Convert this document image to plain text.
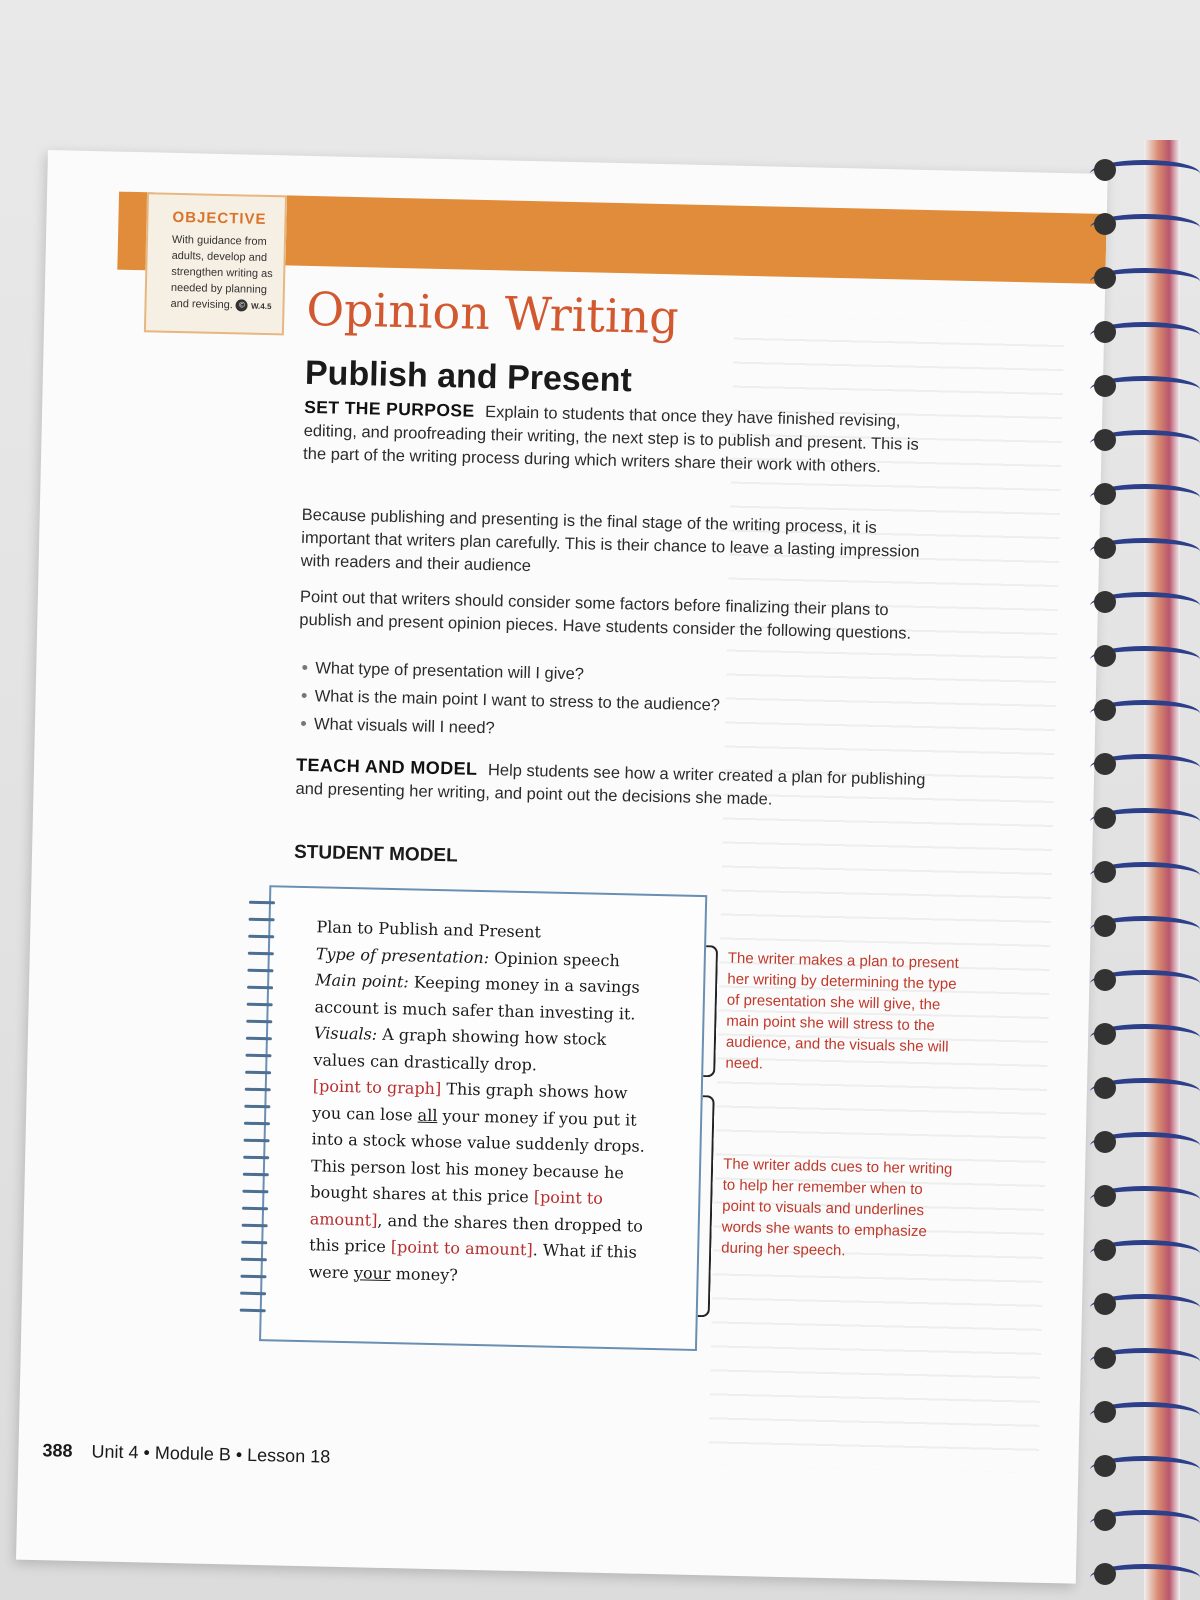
OBJECTIVE
With guidance from adults, develop and strengthen writing as needed by planning and revising. © W.4.5 Opinion Writing
Publish and Present
SET THE PURPOSE Explain to students that once they have finished revising, editing, and proofreading their writing, the next step is to publish and present. This is the part of the writing process during which writers share their work with others.
Because publishing and presenting is the final stage of the writing process, it is important that writers plan carefully. This is their chance to leave a lasting impression with readers and their audience
Point out that writers should consider some factors before finalizing their plans to publish and present opinion pieces. Have students consider the following questions.
What type of presentation will I give?
What is the main point I want to stress to the audience?
What visuals will I need?
TEACH AND MODEL Help students see how a writer created a plan for publishing and presenting her writing, and point out the decisions she made.
STUDENT MODEL
Plan to Publish and Present
Type of presentation: Opinion speech
Main point: Keeping money in a savings
account is much safer than investing it.
Visuals: A graph showing how stock
values can drastically drop.
[point to graph] This graph shows how
you can lose all your money if you put it
into a stock whose value suddenly drops.
This person lost his money because he
bought shares at this price [point to
amount], and the shares then dropped to
this price [point to amount]. What if this
were your money?
The writer makes a plan to present her writing by determining the type of presentation she will give, the main point she will stress to the audience, and the visuals she will need.
The writer adds cues to her writing to help her remember when to point to visuals and underlines words she wants to emphasize during her speech.
388 Unit 4 • Module B • Lesson 18
